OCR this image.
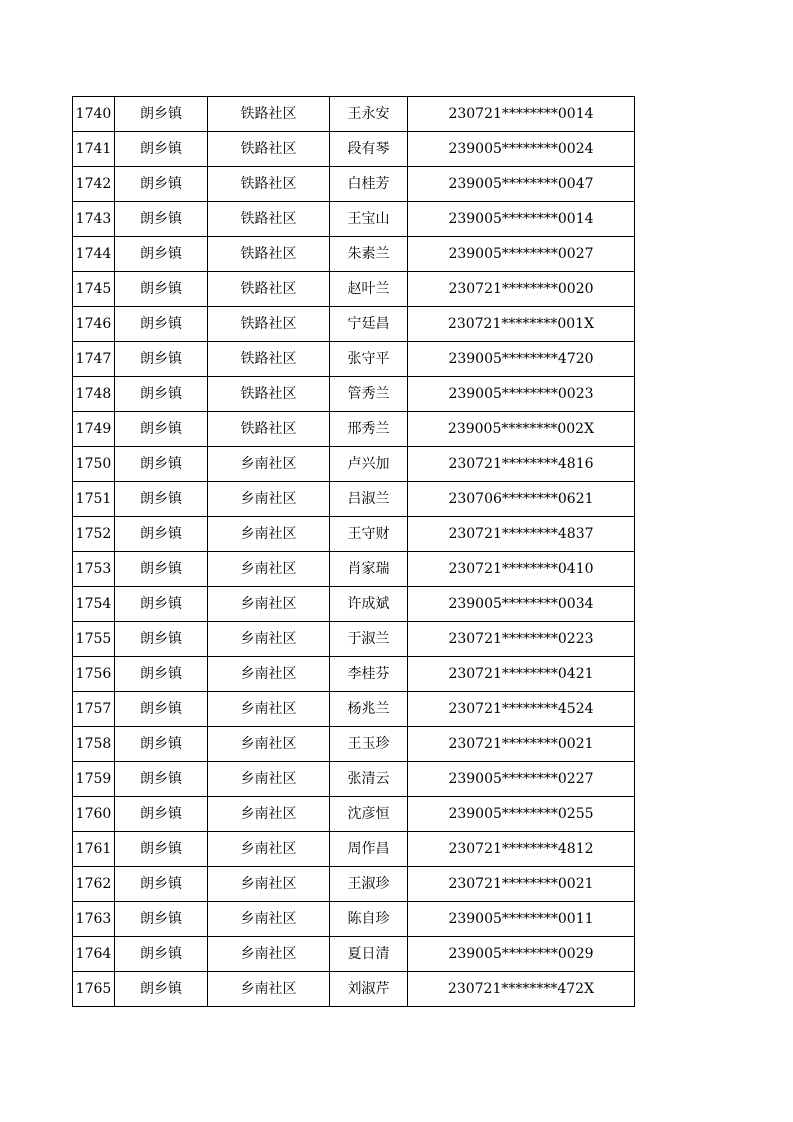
1740	朗乡镇	铁路社区	王永安	230721********0014
1741	朗乡镇	铁路社区	段有琴	239005********0024
1742	朗乡镇	铁路社区	白桂芳	239005********0047
1743	朗乡镇	铁路社区	王宝山	239005********0014
1744	朗乡镇	铁路社区	朱素兰	239005********0027
1745	朗乡镇	铁路社区	赵叶兰	230721********0020
1746	朗乡镇	铁路社区	宁廷昌	230721********001X
1747	朗乡镇	铁路社区	张守平	239005********4720
1748	朗乡镇	铁路社区	管秀兰	239005********0023
1749	朗乡镇	铁路社区	邢秀兰	239005********002X
1750	朗乡镇	乡南社区	卢兴加	230721********4816
1751	朗乡镇	乡南社区	吕淑兰	230706********0621
1752	朗乡镇	乡南社区	王守财	230721********4837
1753	朗乡镇	乡南社区	肖家瑞	230721********0410
1754	朗乡镇	乡南社区	许成斌	239005********0034
1755	朗乡镇	乡南社区	于淑兰	230721********0223
1756	朗乡镇	乡南社区	李桂芬	230721********0421
1757	朗乡镇	乡南社区	杨兆兰	230721********4524
1758	朗乡镇	乡南社区	王玉珍	230721********0021
1759	朗乡镇	乡南社区	张清云	239005********0227
1760	朗乡镇	乡南社区	沈彦恒	239005********0255
1761	朗乡镇	乡南社区	周作昌	230721********4812
1762	朗乡镇	乡南社区	王淑珍	230721********0021
1763	朗乡镇	乡南社区	陈自珍	239005********0011
1764	朗乡镇	乡南社区	夏日清	239005********0029
1765	朗乡镇	乡南社区	刘淑芹	230721********472X
